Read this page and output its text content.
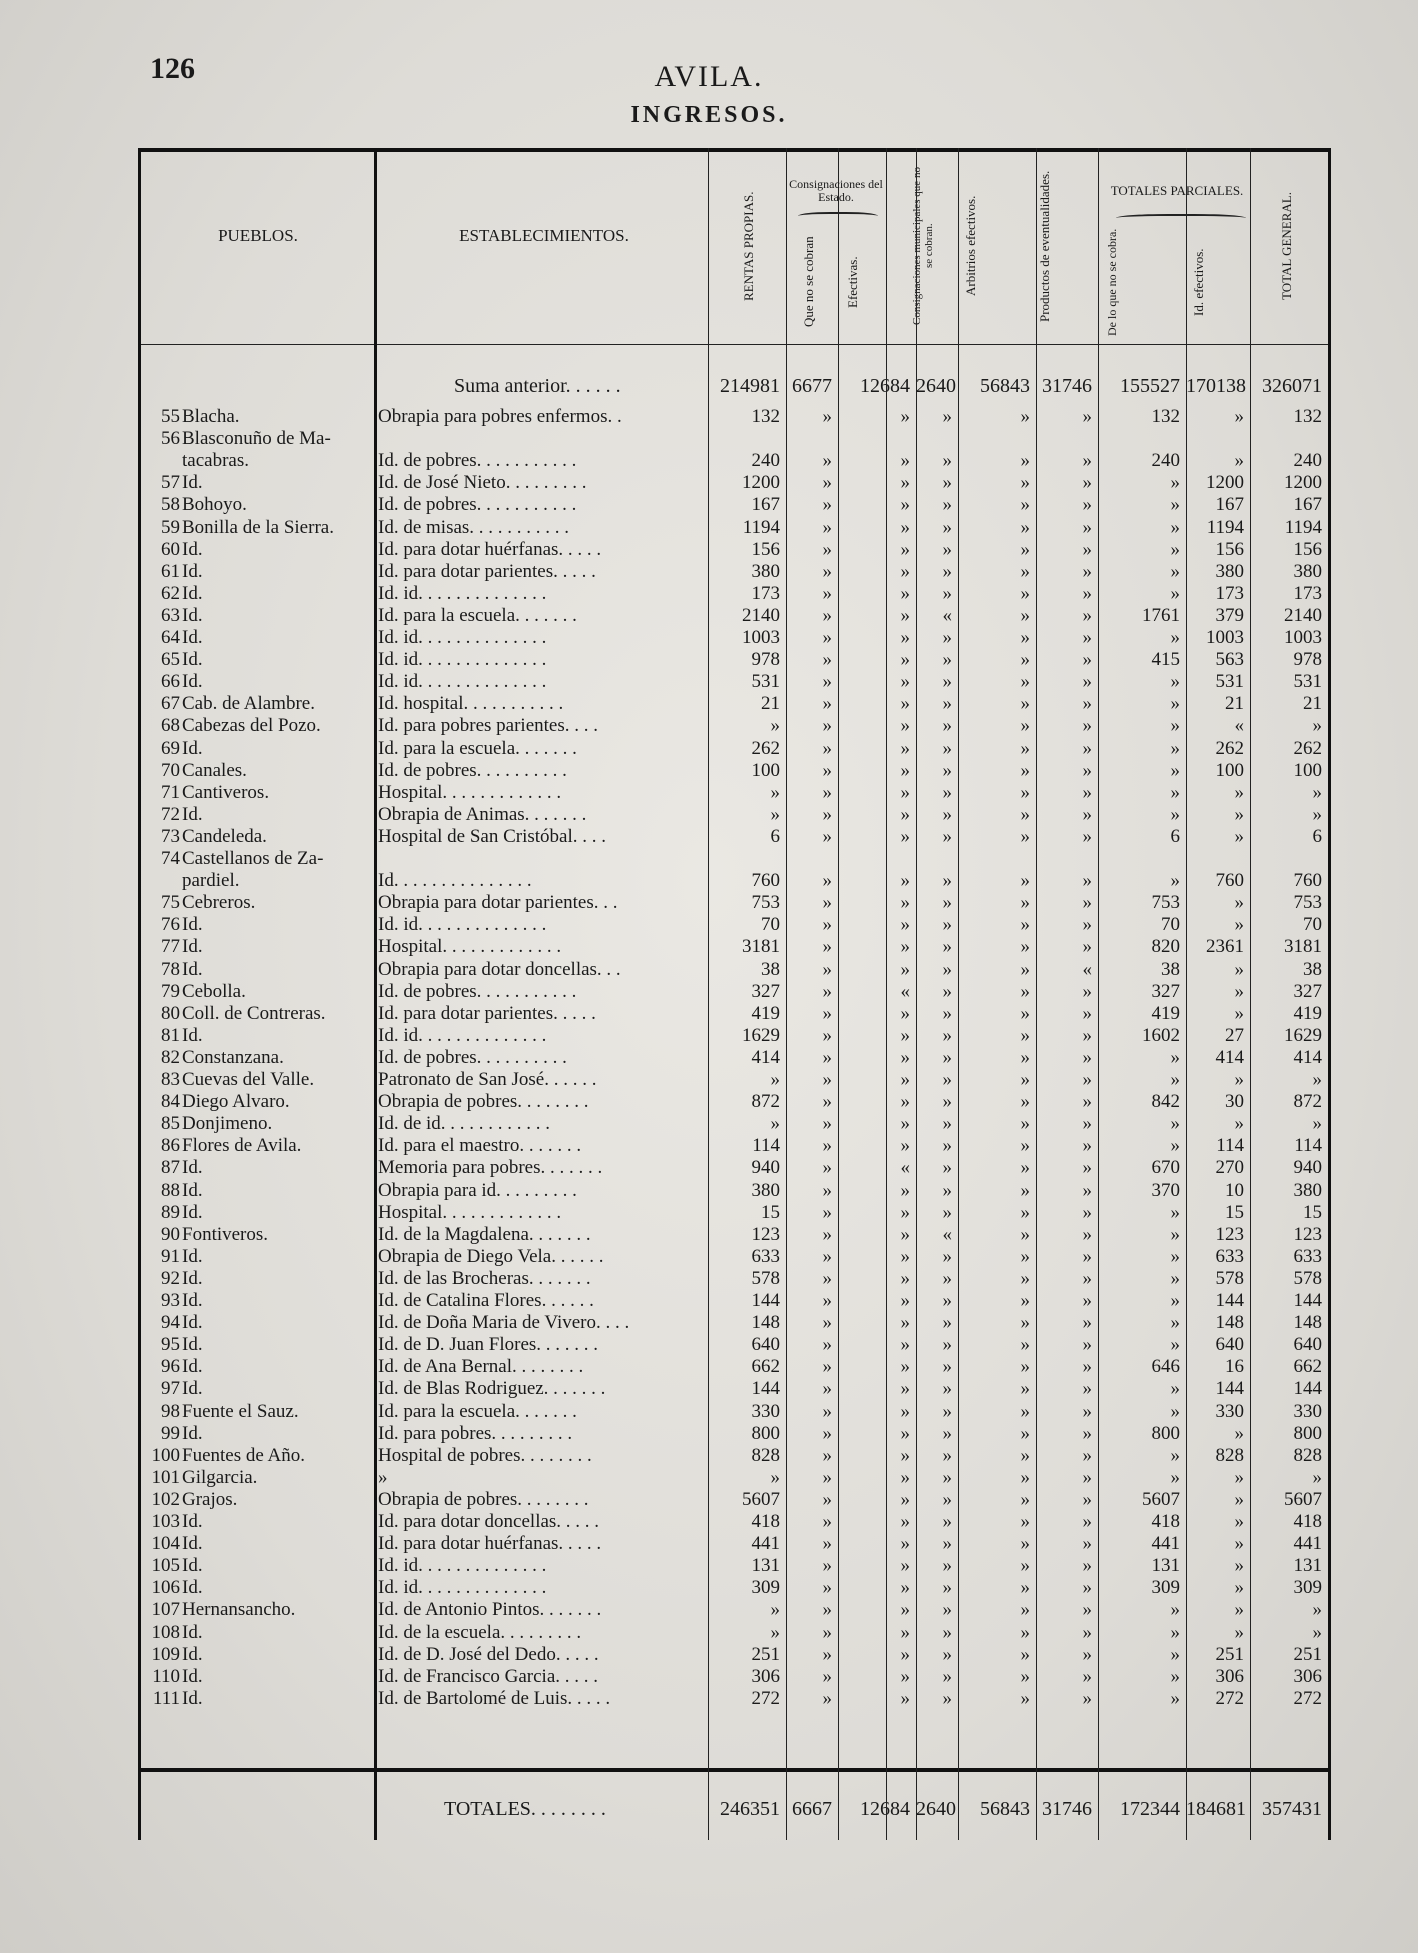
126	AVILA.
INGRESOS.
PUEBLOS.	ESTABLECIMIENTOS.	RENTAS PROPIAS.
Consignaciones del Estado.
Que no se cobran	Efectivas.	Consignaciones municipales que no se cobran.	Arbitrios efectivos.	Productos de eventualidades.	TOTALES PARCIALES.
De lo que no se cobra.	Id. efectivos.	TOTAL GENERAL.
Suma anterior. . . . . .	214981 6677	12684 2640	56843 31746	155527 170138 326071
55 Blacha.	Obrapia para pobres enfermos. .	132	»	»	»	»	»	132	»	132
56 Blasconuño de Ma-
tacabras.	Id. de pobres. . . . . . . . . . .	240	»	»	»	»	»	240	»	240
57 Id.	Id. de José Nieto. . . . . . . . .	1200	»	»	»	»	»	»	1200	1200
58 Bohoyo.	Id. de pobres. . . . . . . . . . .	167	»	»	»	»	»	»	167	167
59 Bonilla de la Sierra.	Id. de misas. . . . . . . . . . .	1194	»	»	»	»	»	»	1194	1194
60 Id.	Id. para dotar huérfanas. . . . .	156	»	»	»	»	»	»	156	156
61 Id.	Id. para dotar parientes. . . . .	380	»	»	»	»	»	»	380	380
62 Id.	Id. id. . . . . . . . . . . . . .	173	»	»	»	»	»	»	173	173
63 Id.	Id. para la escuela. . . . . . .	2140	»	»	«	»	»	1761	379	2140
64 Id.	Id. id. . . . . . . . . . . . . .	1003	»	»	»	»	»	»	1003	1003
65 Id.	Id. id. . . . . . . . . . . . . .	978	»	»	»	»	»	415	563	978
66 Id.	Id. id. . . . . . . . . . . . . .	531	»	»	»	»	»	»	531	531
67 Cab. de Alambre.	Id. hospital. . . . . . . . . . .	21	»	»	»	»	»	»	21	21
68 Cabezas del Pozo.	Id. para pobres parientes. . . .	»	»	»	»	»	»	»	«	»
69 Id.	Id. para la escuela. . . . . . .	262	»	»	»	»	»	»	262	262
70 Canales.	Id. de pobres. . . . . . . . . .	100	»	»	»	»	»	»	100	100
71 Cantiveros.	Hospital. . . . . . . . . . . . .	»	»	»	»	»	»	»	»	»
72 Id.	Obrapia de Animas. . . . . . .	»	»	»	»	»	»	»	»	»
73 Candeleda.	Hospital de San Cristóbal. . . .	6	»	»	»	»	»	6	»	6
74 Castellanos de Za-
pardiel.	Id. . . . . . . . . . . . . . .	760	»	»	»	»	»	»	760	760
75 Cebreros.	Obrapia para dotar parientes. . .	753	»	»	»	»	»	753	»	753
76 Id.	Id. id. . . . . . . . . . . . . .	70	»	»	»	»	»	70	»	70
77 Id.	Hospital. . . . . . . . . . . . .	3181	»	»	»	»	»	820	2361	3181
78 Id.	Obrapia para dotar doncellas. . .	38	»	»	»	»	«	38	»	38
79 Cebolla.	Id. de pobres. . . . . . . . . . .	327	»	«	»	»	»	327	»	327
80 Coll. de Contreras.	Id. para dotar parientes. . . . .	419	»	»	»	»	»	419	»	419
81 Id.	Id. id. . . . . . . . . . . . . .	1629	»	»	»	»	»	1602	27	1629
82 Constanzana.	Id. de pobres. . . . . . . . . .	414	»	»	»	»	»	»	414	414
83 Cuevas del Valle.	Patronato de San José. . . . . .	»	»	»	»	»	»	»	»	»
84 Diego Alvaro.	Obrapia de pobres. . . . . . . .	872	»	»	»	»	»	842	30	872
85 Donjimeno.	Id. de id. . . . . . . . . . . .	»	»	»	»	»	»	»	»	»
86 Flores de Avila.	Id. para el maestro. . . . . . .	114	»	»	»	»	»	»	114	114
87 Id.	Memoria para pobres. . . . . . .	940	»	«	»	»	»	670	270	940
88 Id.	Obrapia para id. . . . . . . . .	380	»	»	»	»	»	370	10	380
89 Id.	Hospital. . . . . . . . . . . . .	15	»	»	»	»	»	»	15	15
90 Fontiveros.	Id. de la Magdalena. . . . . . .	123	»	»	«	»	»	»	123	123
91 Id.	Obrapia de Diego Vela. . . . . .	633	»	»	»	»	»	»	633	633
92 Id.	Id. de las Brocheras. . . . . . .	578	»	»	»	»	»	»	578	578
93 Id.	Id. de Catalina Flores. . . . . .	144	»	»	»	»	»	»	144	144
94 Id.	Id. de Doña Maria de Vivero. . . .	148	»	»	»	»	»	»	148	148
95 Id.	Id. de D. Juan Flores. . . . . . .	640	»	»	»	»	»	»	640	640
96 Id.	Id. de Ana Bernal. . . . . . . .	662	»	»	»	»	»	646	16	662
97 Id.	Id. de Blas Rodriguez. . . . . . .	144	»	»	»	»	»	»	144	144
98 Fuente el Sauz.	Id. para la escuela. . . . . . .	330	»	»	»	»	»	»	330	330
99 Id.	Id. para pobres. . . . . . . . .	800	»	»	»	»	»	800	»	800
100 Fuentes de Año.	Hospital de pobres. . . . . . . .	828	»	»	»	»	»	»	828	828
101 Gilgarcia.	»	»	»	»	»	»	»	»	»	»
102 Grajos.	Obrapia de pobres. . . . . . . .	5607	»	»	»	»	»	5607	»	5607
103 Id.	Id. para dotar doncellas. . . . .	418	»	»	»	»	»	418	»	418
104 Id.	Id. para dotar huérfanas. . . . .	441	»	»	»	»	»	441	»	441
105 Id.	Id. id. . . . . . . . . . . . . .	131	»	»	»	»	»	131	»	131
106 Id.	Id. id. . . . . . . . . . . . . .	309	»	»	»	»	»	309	»	309
107 Hernansancho.	Id. de Antonio Pintos. . . . . . .	»	»	»	»	»	»	»	»	»
108 Id.	Id. de la escuela. . . . . . . . .	»	»	»	»	»	»	»	»	»
109 Id.	Id. de D. José del Dedo. . . . .	251	»	»	»	»	»	»	251	251
110 Id.	Id. de Francisco Garcia. . . . .	306	»	»	»	»	»	»	306	306
111 Id.	Id. de Bartolomé de Luis. . . . .	272	»	»	»	»	»	»	272	272
TOTALES. . . . . . . .	246351 6667	12684 2640	56843 31746	172344 184681 357431
